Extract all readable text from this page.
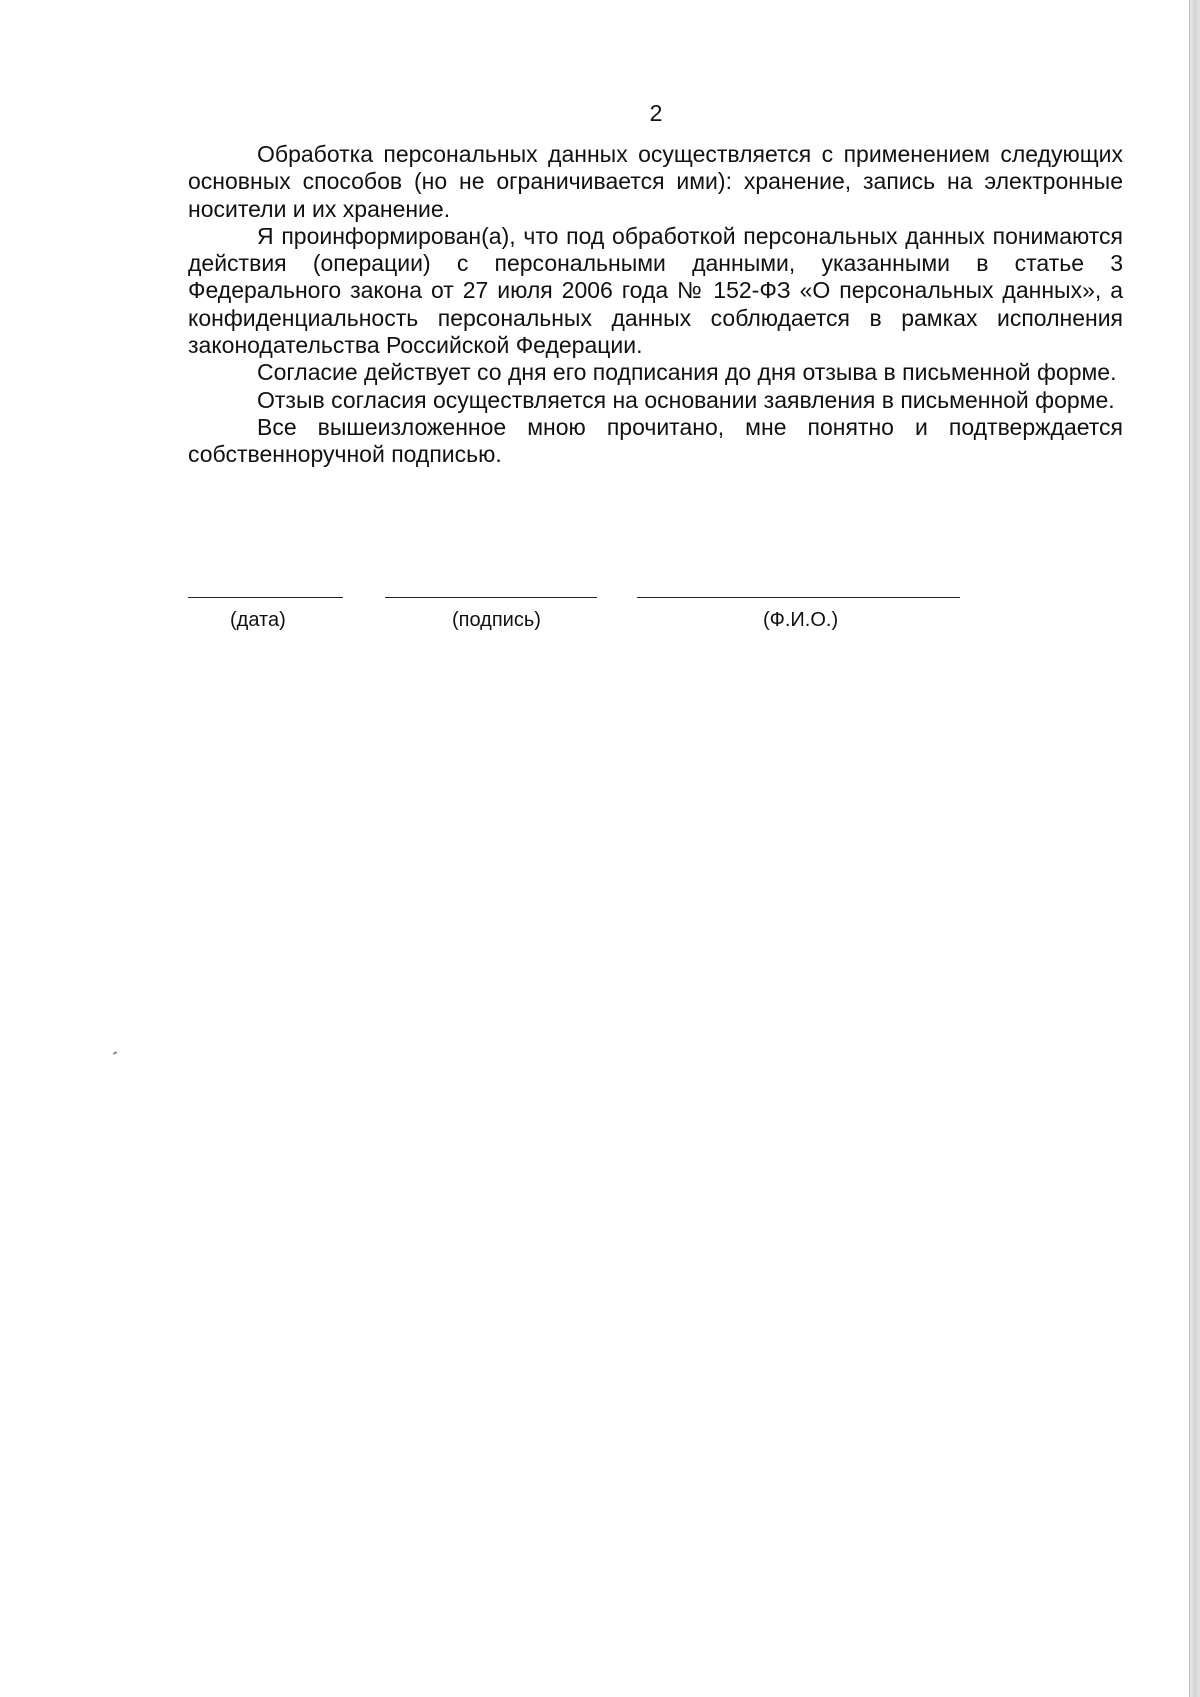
2

Обработка персональных данных осуществляется с применением следующих основных способов (но не ограничивается ими): хранение, запись на электронные носители и их хранение.

Я проинформирован(а), что под обработкой персональных данных понимаются действия (операции) с персональными данными, указанными в статье 3 Федерального закона от 27 июля 2006 года № 152-ФЗ «О персональных данных», а конфиденциальность персональных данных соблюдается в рамках исполнения законодательства Российской Федерации.

Согласие действует со дня его подписания до дня отзыва в письменной форме.

Отзыв согласия осуществляется на основании заявления в письменной форме.

Все вышеизложенное мною прочитано, мне понятно и подтверждается собственноручной подписью.

(дата)	(подпись)	(Ф.И.О.)
